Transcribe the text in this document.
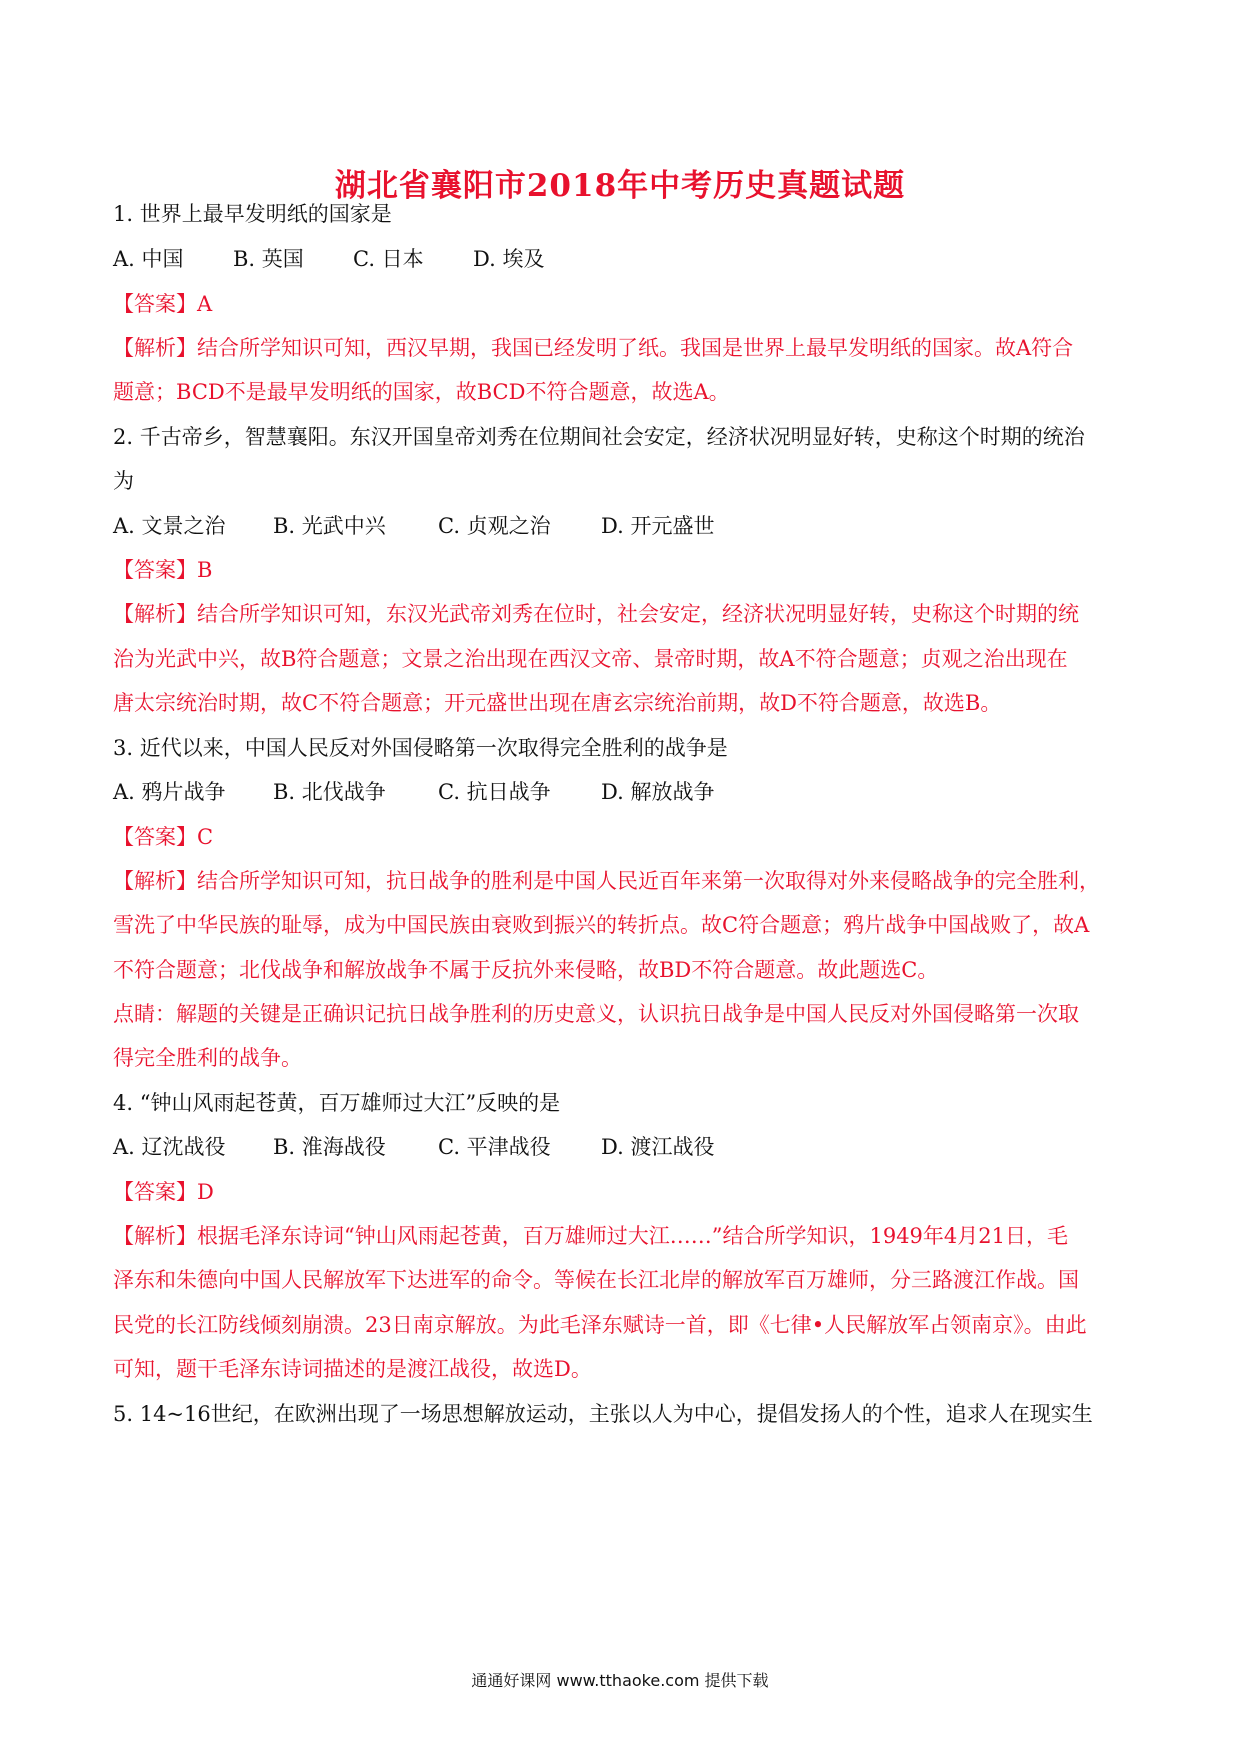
湖北省襄阳市2018年中考历史真题试题
1. 世界上最早发明纸的国家是
A. 中国 B. 英国 C. 日本 D. 埃及
【答案】A
【解析】结合所学知识可知，西汉早期，我国已经发明了纸。我国是世界上最早发明纸的国家。故A符合
题意；BCD不是最早发明纸的国家，故BCD不符合题意，故选A。
2. 千古帝乡，智慧襄阳。东汉开国皇帝刘秀在位期间社会安定，经济状况明显好转，史称这个时期的统治
为
A. 文景之治 B. 光武中兴 C. 贞观之治 D. 开元盛世
【答案】B
【解析】结合所学知识可知，东汉光武帝刘秀在位时，社会安定，经济状况明显好转，史称这个时期的统
治为光武中兴，故B符合题意；文景之治出现在西汉文帝、景帝时期，故A不符合题意；贞观之治出现在
唐太宗统治时期，故C不符合题意；开元盛世出现在唐玄宗统治前期，故D不符合题意，故选B。
3. 近代以来，中国人民反对外国侵略第一次取得完全胜利的战争是
A. 鸦片战争 B. 北伐战争 C. 抗日战争 D. 解放战争
【答案】C
【解析】结合所学知识可知，抗日战争的胜利是中国人民近百年来第一次取得对外来侵略战争的完全胜利，
雪洗了中华民族的耻辱，成为中国民族由衰败到振兴的转折点。故C符合题意；鸦片战争中国战败了，故A
不符合题意；北伐战争和解放战争不属于反抗外来侵略，故BD不符合题意。故此题选C。
点睛：解题的关键是正确识记抗日战争胜利的历史意义，认识抗日战争是中国人民反对外国侵略第一次取
得完全胜利的战争。
4. “钟山风雨起苍黄，百万雄师过大江”反映的是
A. 辽沈战役 B. 淮海战役 C. 平津战役 D. 渡江战役
【答案】D
【解析】根据毛泽东诗词“钟山风雨起苍黄，百万雄师过大江……”结合所学知识，1949年4月21日，毛
泽东和朱德向中国人民解放军下达进军的命令。等候在长江北岸的解放军百万雄师，分三路渡江作战。国
民党的长江防线倾刻崩溃。23日南京解放。为此毛泽东赋诗一首，即《七律•人民解放军占领南京》。由此
可知，题干毛泽东诗词描述的是渡江战役，故选D。
5. 14~16世纪，在欧洲出现了一场思想解放运动，主张以人为中心，提倡发扬人的个性，追求人在现实生
通通好课网 www.tthaoke.com 提供下载
